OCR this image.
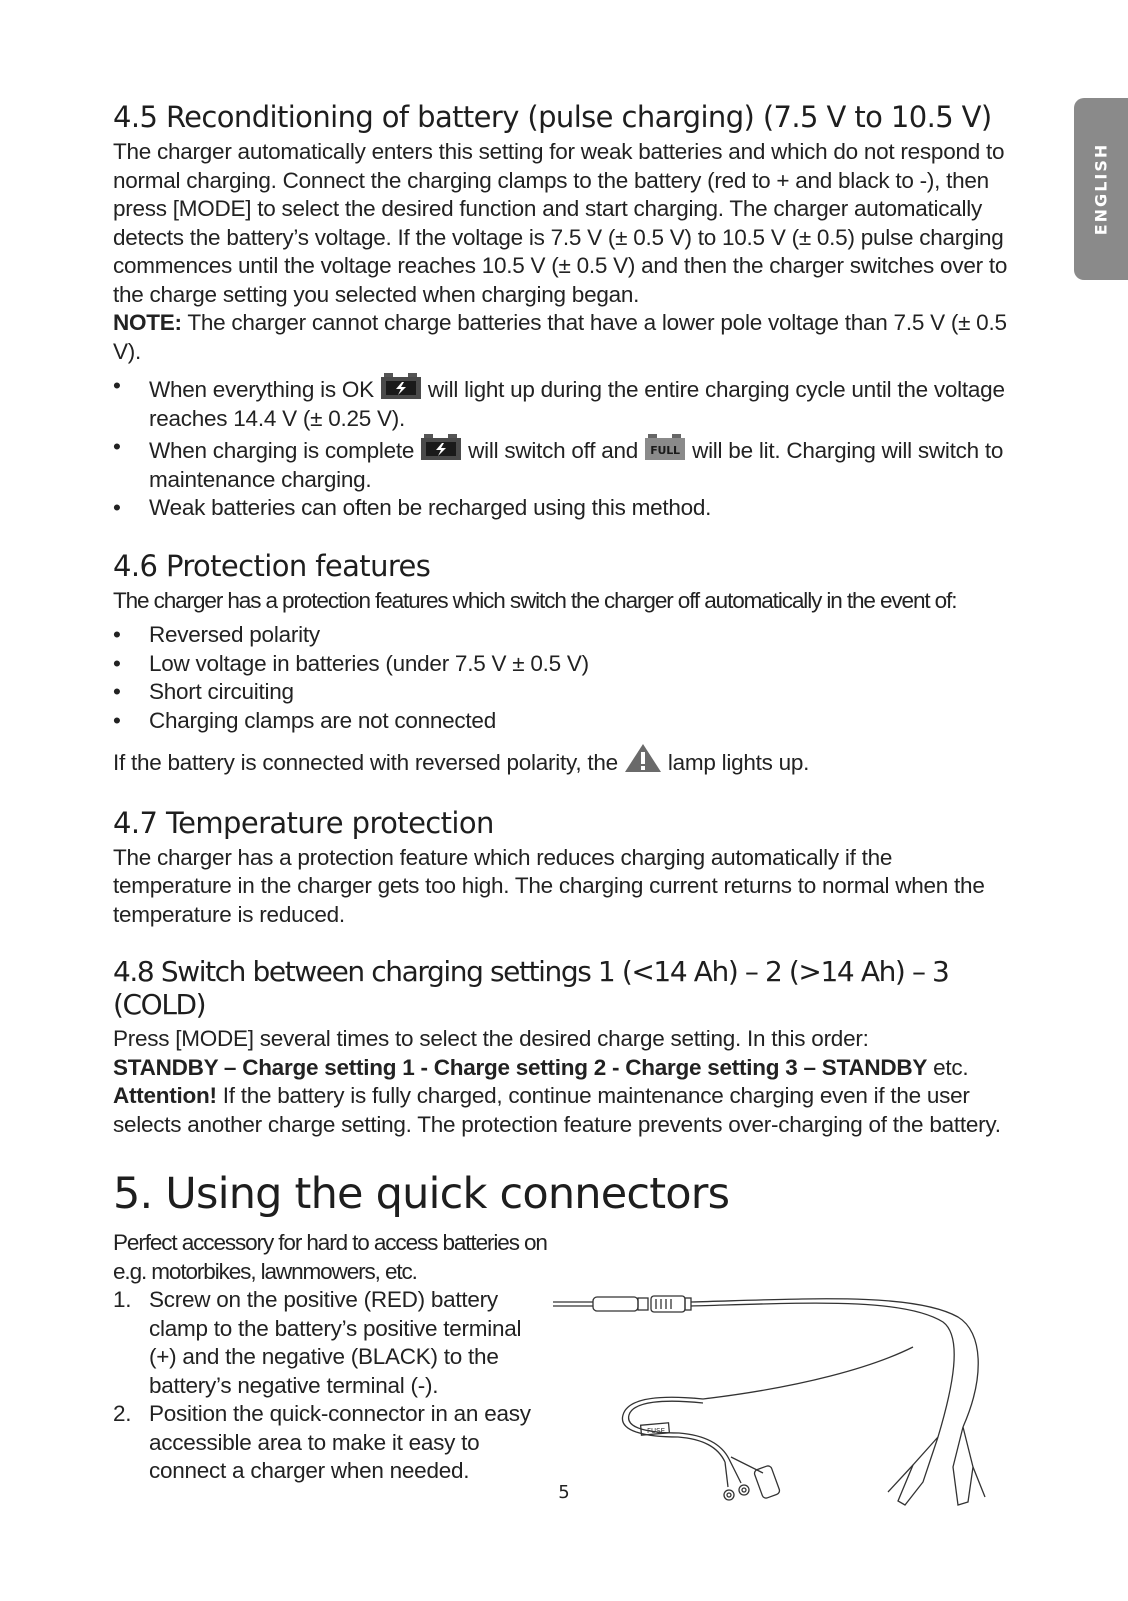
ENGLISH
4.5 Reconditioning of battery (pulse charging) (7.5 V to 10.5 V)

The charger automatically enters this setting for weak batteries and which do not respond to normal charging. Connect the charging clamps to the battery (red to + and black to -), then press [MODE] to select the desired function and start charging. The charger automatically detects the battery’s voltage. If the voltage is 7.5 V (± 0.5 V) to 10.5 V (± 0.5) pulse charging commences until the voltage reaches 10.5 V (± 0.5 V) and then the charger switches over to the charge setting you selected when charging began.

NOTE: The charger cannot charge batteries that have a lower pole voltage than 7.5 V (± 0.5 V).

• When everything is OK  will light up during the entire charging cycle until the voltage reaches 14.4 V (± 0.25 V).
• When charging is complete  will switch off and FULL will be lit. Charging will switch to maintenance charging.
• Weak batteries can often be recharged using this method.
4.6 Protection features

The charger has a protection features which switch the charger off automatically in the event of:

• Reversed polarity
• Low voltage in batteries (under 7.5 V ± 0.5 V)
• Short circuiting
• Charging clamps are not connected

If the battery is connected with reversed polarity, the  lamp lights up.

4.7 Temperature protection

The charger has a protection feature which reduces charging automatically if the temperature in the charger gets too high. The charging current returns to normal when the temperature is reduced.

4.8 Switch between charging settings 1 (<14 Ah) – 2 (>14 Ah) – 3 (COLD)

Press [MODE] several times to select the desired charge setting. In this order:

STANDBY – Charge setting 1 - Charge setting 2 - Charge setting 3 – STANDBY etc.

Attention! If the battery is fully charged, continue maintenance charging even if the user selects another charge setting. The protection feature prevents over-charging of the battery.

5. Using the quick connectors

Perfect accessory for hard to access batteries on e.g. motorbikes, lawnmowers, etc.

1. Screw on the positive (RED) battery clamp to the battery’s positive terminal (+) and the negative (BLACK) to the battery’s negative terminal (-).
2. Position the quick-connector in an easy accessible area to make it easy to connect a charger when needed.
FUSE
5
